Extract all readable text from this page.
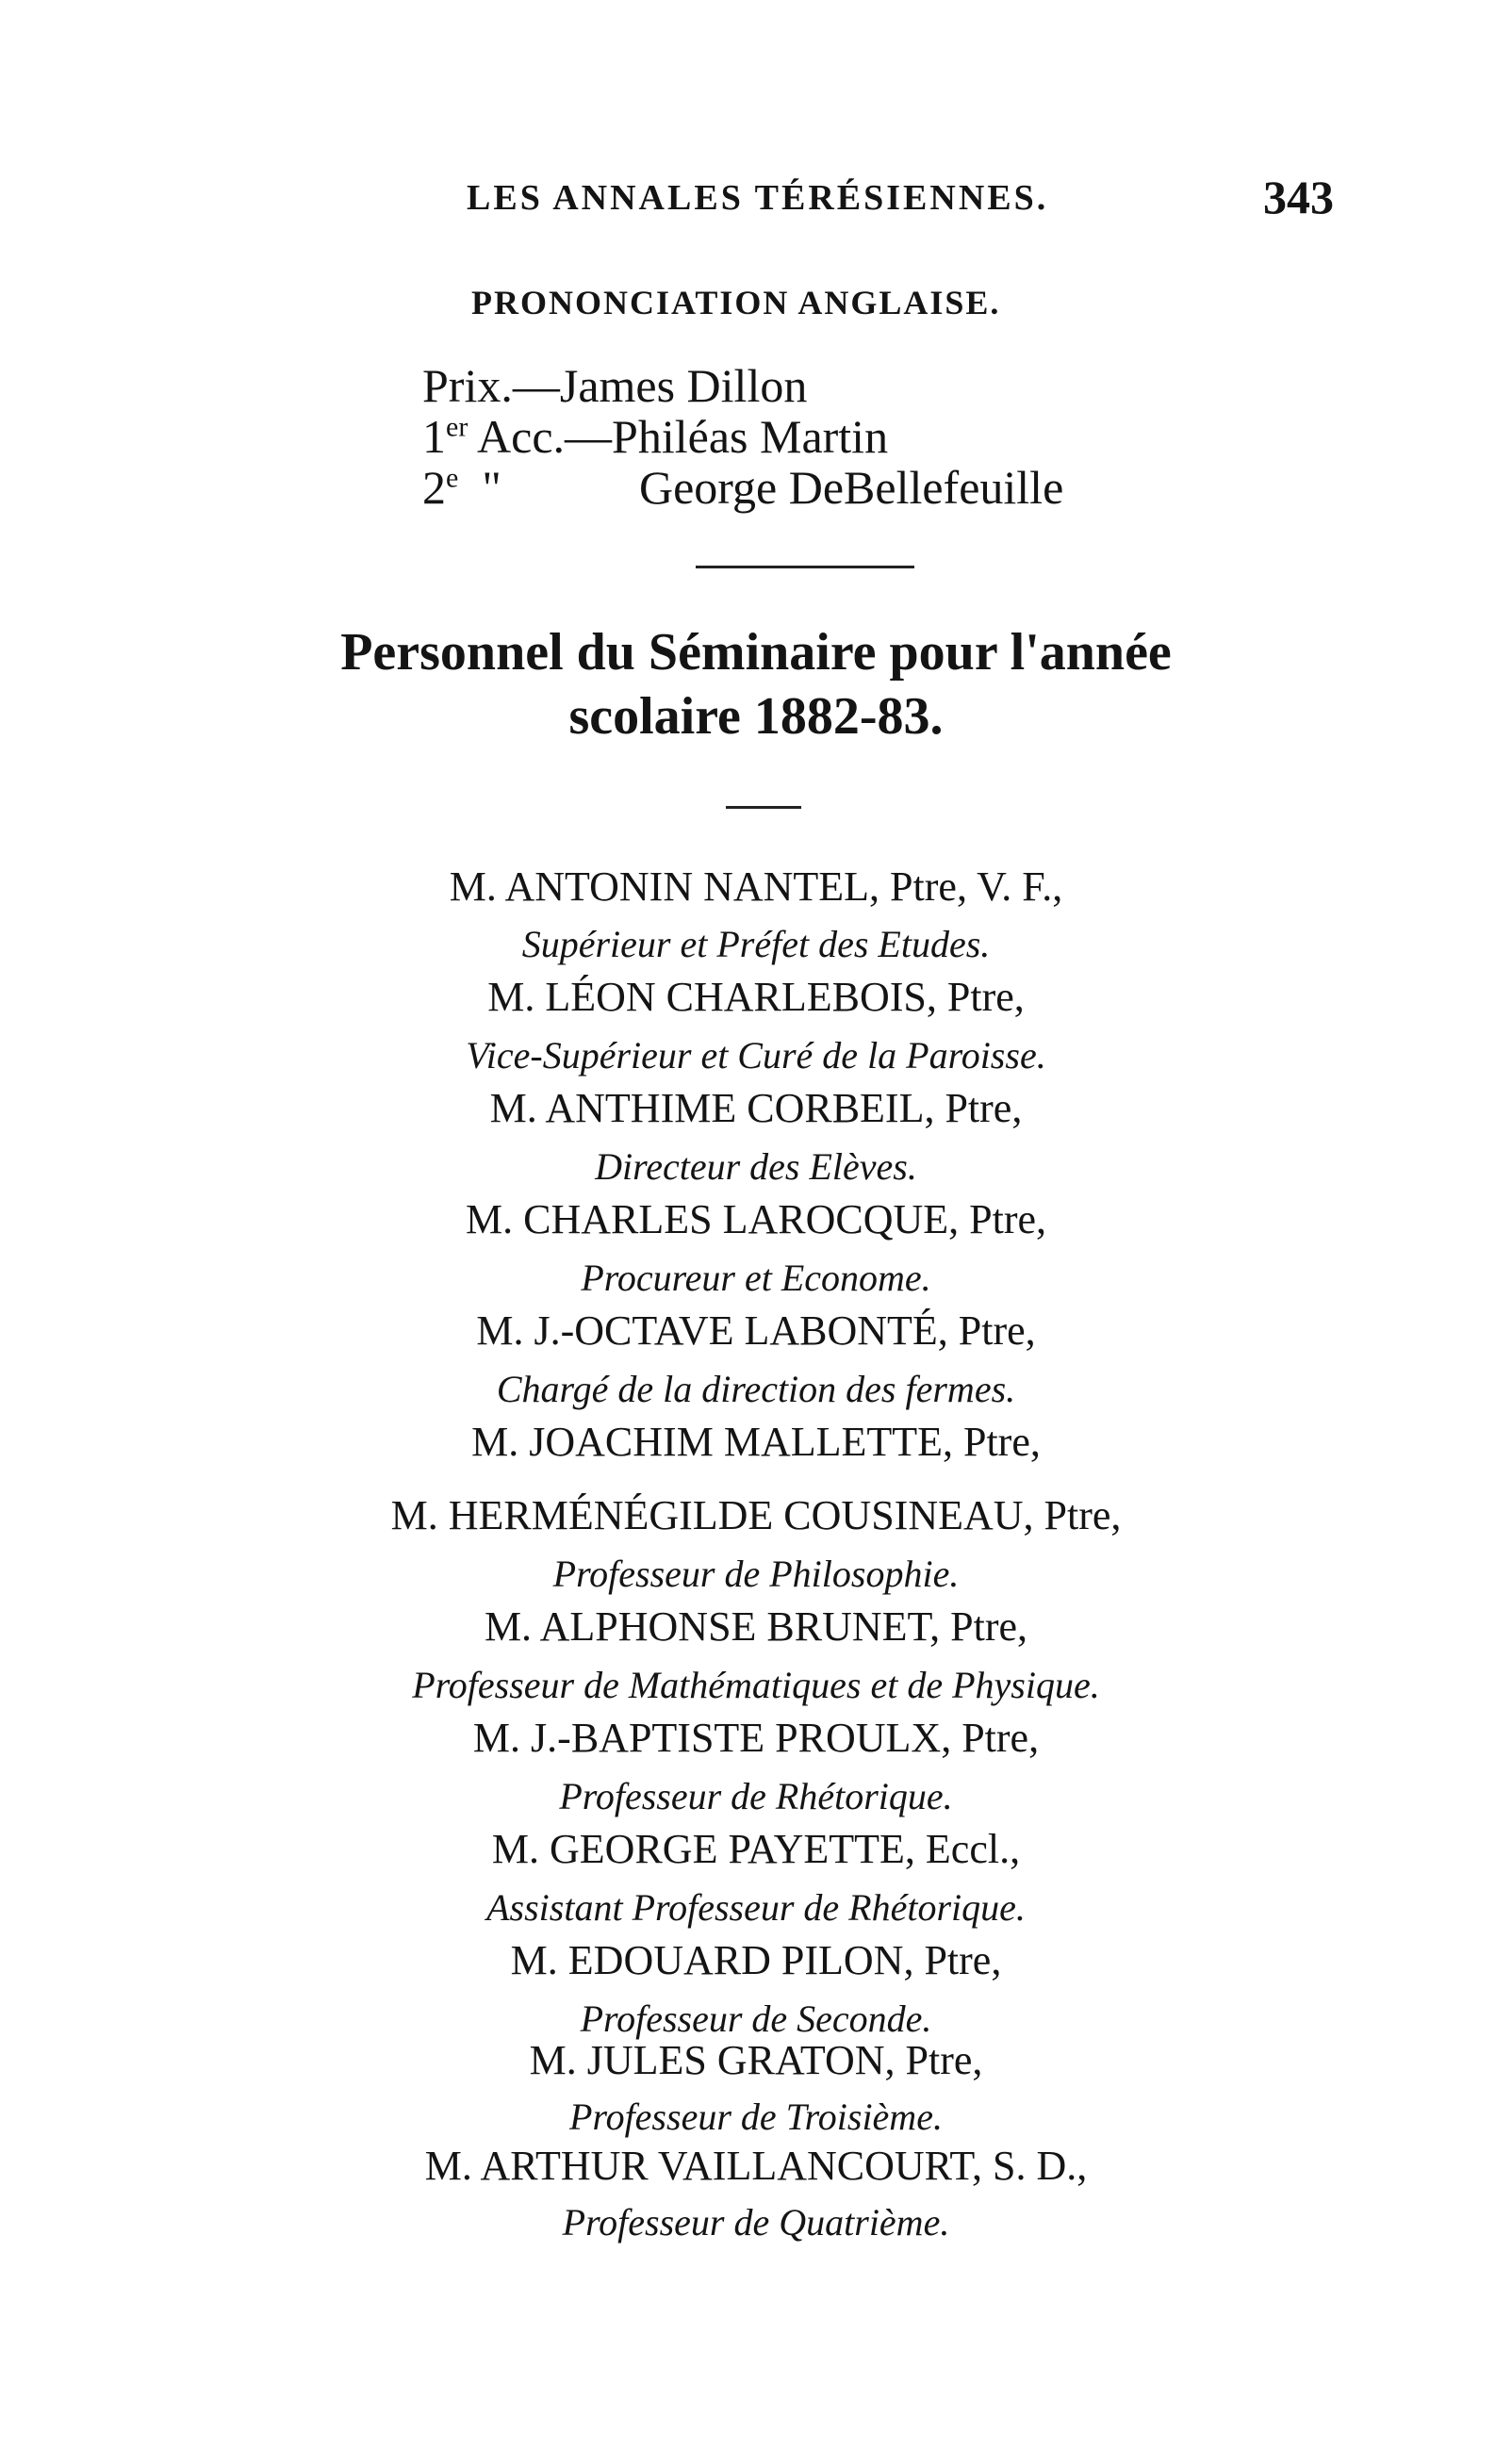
LES ANNALES TÉRÉSIENNES.	343
PRONONCIATION ANGLAISE.
Prix.—James Dillon
1er Acc.—Philéas Martin
2e  "	George DeBellefeuille
Personnel du Séminaire pour l'année
scolaire 1882-83.
M. ANTONIN NANTEL, Ptre, V. F.,
Supérieur et Préfet des Etudes.
M. LÉON CHARLEBOIS, Ptre,
Vice-Supérieur et Curé de la Paroisse.
M. ANTHIME CORBEIL, Ptre,
Directeur des Elèves.
M. CHARLES LAROCQUE, Ptre,
Procureur et Econome.
M. J.-OCTAVE LABONTÉ, Ptre,
Chargé de la direction des fermes.
M. JOACHIM MALLETTE, Ptre,
M. HERMÉNÉGILDE COUSINEAU, Ptre,
Professeur de Philosophie.
M. ALPHONSE BRUNET, Ptre,
Professeur de Mathématiques et de Physique.
M. J.-BAPTISTE PROULX, Ptre,
Professeur de Rhétorique.
M. GEORGE PAYETTE, Eccl.,
Assistant Professeur de Rhétorique.
M. EDOUARD PILON, Ptre,
Professeur de Seconde.
M. JULES GRATON, Ptre,
Professeur de Troisième.
M. ARTHUR VAILLANCOURT, S. D.,
Professeur de Quatrième.
